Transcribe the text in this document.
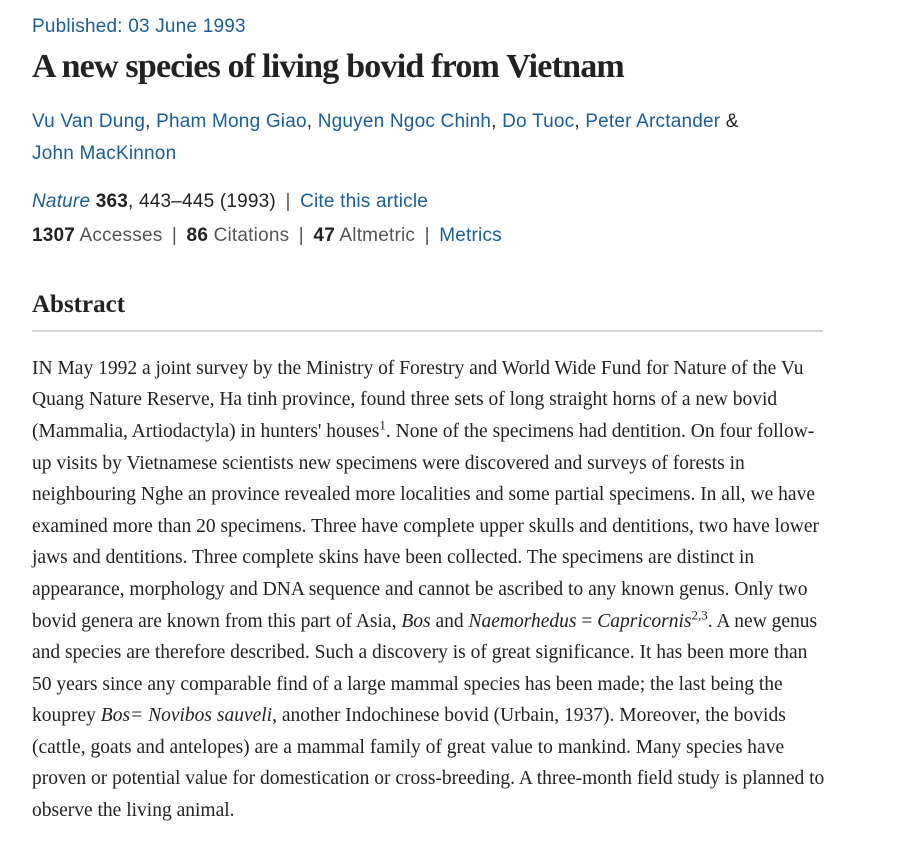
Published: 03 June 1993
A new species of living bovid from Vietnam
Vu Van Dung, Pham Mong Giao, Nguyen Ngoc Chinh, Do Tuoc, Peter Arctander &
John MacKinnon
Nature 363, 443–445 (1993) | Cite this article
1307 Accesses | 86 Citations | 47 Altmetric | Metrics
Abstract

IN May 1992 a joint survey by the Ministry of Forestry and World Wide Fund for Nature of the Vu Quang Nature Reserve, Ha tinh province, found three sets of long straight horns of a new bovid (Mammalia, Artiodactyla) in hunters' houses$^1$. None of the specimens had dentition. On four follow-up visits by Vietnamese scientists new specimens were discovered and surveys of forests in neighbouring Nghe an province revealed more localities and some partial specimens. In all, we have examined more than 20 specimens. Three have complete upper skulls and dentitions, two have lower jaws and dentitions. Three complete skins have been collected. The specimens are distinct in appearance, morphology and DNA sequence and cannot be ascribed to any known genus. Only two bovid genera are known from this part of Asia, Bos and Naemorhedus = Capricornis$^{2,3}$. A new genus and species are therefore described. Such a discovery is of great significance. It has been more than 50 years since any comparable find of a large mammal species has been made; the last being the kouprey Bos= Novibos sauveli, another Indochinese bovid (Urbain, 1937). Moreover, the bovids (cattle, goats and antelopes) are a mammal family of great value to mankind. Many species have proven or potential value for domestication or cross-breeding. A three-month field study is planned to observe the living animal.
